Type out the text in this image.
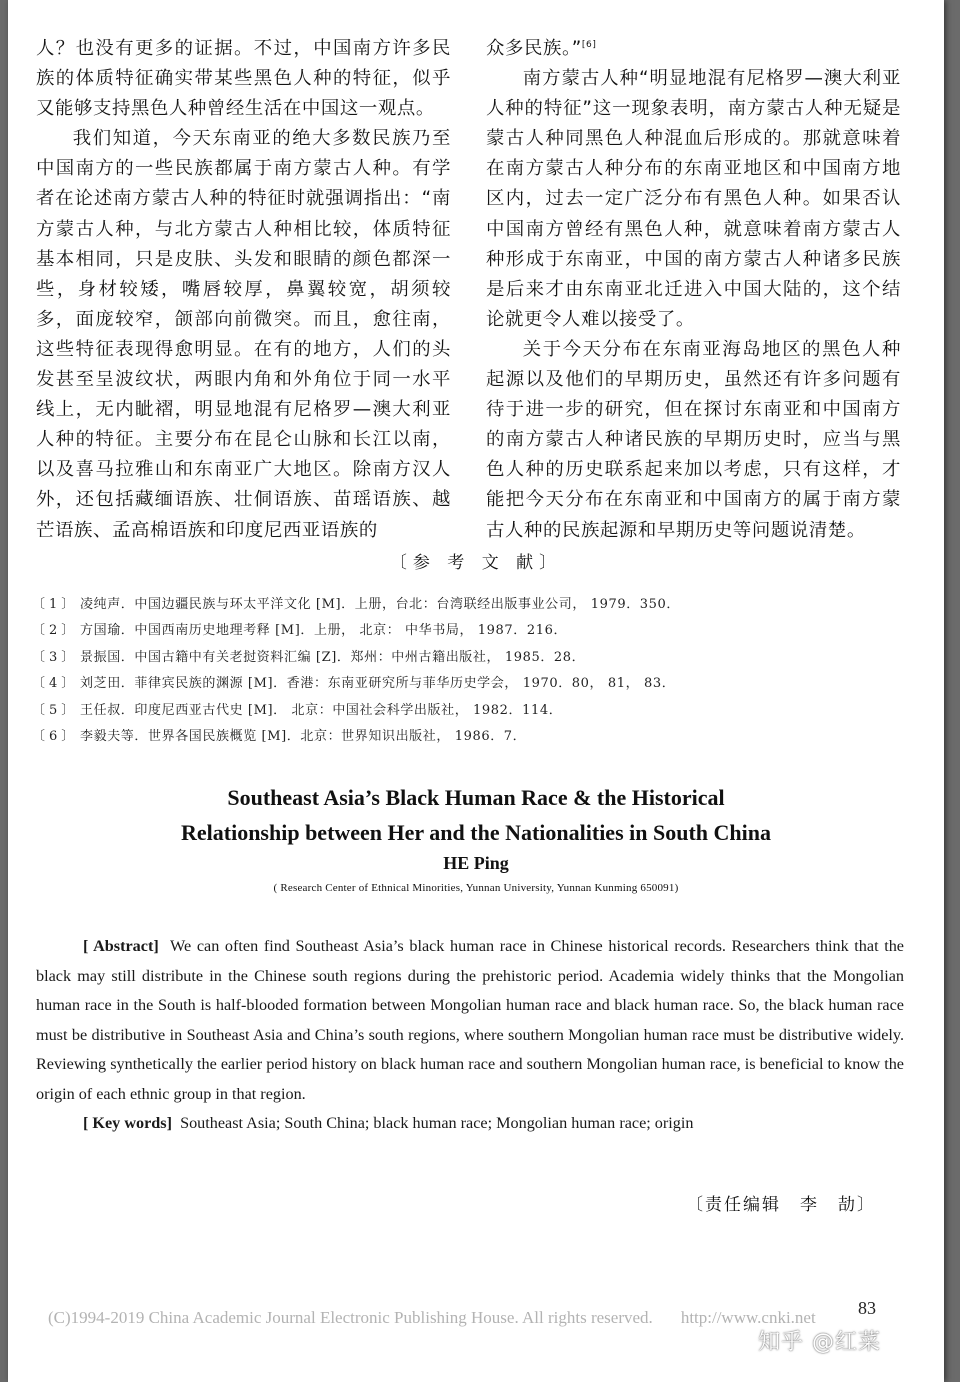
人？也没有更多的证据。不过，中国南方许多民族的体质特征确实带某些黑色人种的特征，似乎又能够支持黑色人种曾经生活在中国这一观点。

我们知道，今天东南亚的绝大多数民族乃至中国南方的一些民族都属于南方蒙古人种。有学者在论述南方蒙古人种的特征时就强调指出：“南方蒙古人种，与北方蒙古人种相比较，体质特征基本相同，只是皮肤、头发和眼睛的颜色都深一些，身材较矮，嘴唇较厚，鼻翼较宽，胡须较多，面庞较窄，颌部向前微突。而且，愈往南，这些特征表现得愈明显。在有的地方，人们的头发甚至呈波纹状，两眼内角和外角位于同一水平线上，无内眦褶，明显地混有尼格罗—澳大利亚人种的特征。主要分布在昆仑山脉和长江以南，以及喜马拉雅山和东南亚广大地区。除南方汉人外，还包括藏缅语族、壮侗语族、苗瑶语族、越芒语族、孟高棉语族和印度尼西亚语族的

众多民族。”[6]

南方蒙古人种“明显地混有尼格罗—澳大利亚人种的特征”这一现象表明，南方蒙古人种无疑是蒙古人种同黑色人种混血后形成的。那就意味着在南方蒙古人种分布的东南亚地区和中国南方地区内，过去一定广泛分布有黑色人种。如果否认中国南方曾经有黑色人种，就意味着南方蒙古人种形成于东南亚，中国的南方蒙古人种诸多民族是后来才由东南亚北迁进入中国大陆的，这个结论就更令人难以接受了。

关于今天分布在东南亚海岛地区的黑色人种起源以及他们的早期历史，虽然还有许多问题有待于进一步的研究，但在探讨东南亚和中国南方的南方蒙古人种诸民族的早期历史时，应当与黑色人种的历史联系起来加以考虑，只有这样，才能把今天分布在东南亚和中国南方的属于南方蒙古人种的民族起源和早期历史等问题说清楚。

〔参 考 文 献〕
〔1〕 凌纯声．中国边疆民族与环太平洋文化 [M]．上册，台北：台湾联经出版事业公司， 1979．350．
〔2〕 方国瑜．中国西南历史地理考释 [M]．上册， 北京： 中华书局， 1987．216．
〔3〕 景振国．中国古籍中有关老挝资料汇编 [Z]．郑州：中州古籍出版社， 1985．28．
〔4〕 刘芝田．菲律宾民族的渊源 [M]．香港：东南亚研究所与菲华历史学会， 1970．80， 81， 83．
〔5〕 王任叔．印度尼西亚古代史 [M]． 北京：中国社会科学出版社， 1982．114．
〔6〕 李毅夫等．世界各国民族概览 [M]．北京：世界知识出版社， 1986．7．
Southeast Asia’s Black Human Race & the Historical
Relationship between Her and the Nationalities in South China
HE Ping
( Research Center of Ethnical Minorities, Yunnan University, Yunnan Kunming 650091)

[ Abstract] We can often find Southeast Asia’s black human race in Chinese historical records. Researchers think that the black may still distribute in the Chinese south regions during the prehistoric period. Academia widely thinks that the Mongolian human race in the South is half-blooded formation between Mongolian human race and black human race. So, the black human race must be distributive in Southeast Asia and China’s south regions, where southern Mongolian human race must be distributive widely. Reviewing synthetically the earlier period history on black human race and southern Mongolian human race, is beneficial to know the origin of each ethnic group in that region.

[ Key words] Southeast Asia; South China; black human race; Mongolian human race; origin

〔责任编辑　李　劼〕
83
(C)1994-2019 China Academic Journal Electronic Publishing House. All rights reserved. http://www.cnki.net
知乎 @红菜
